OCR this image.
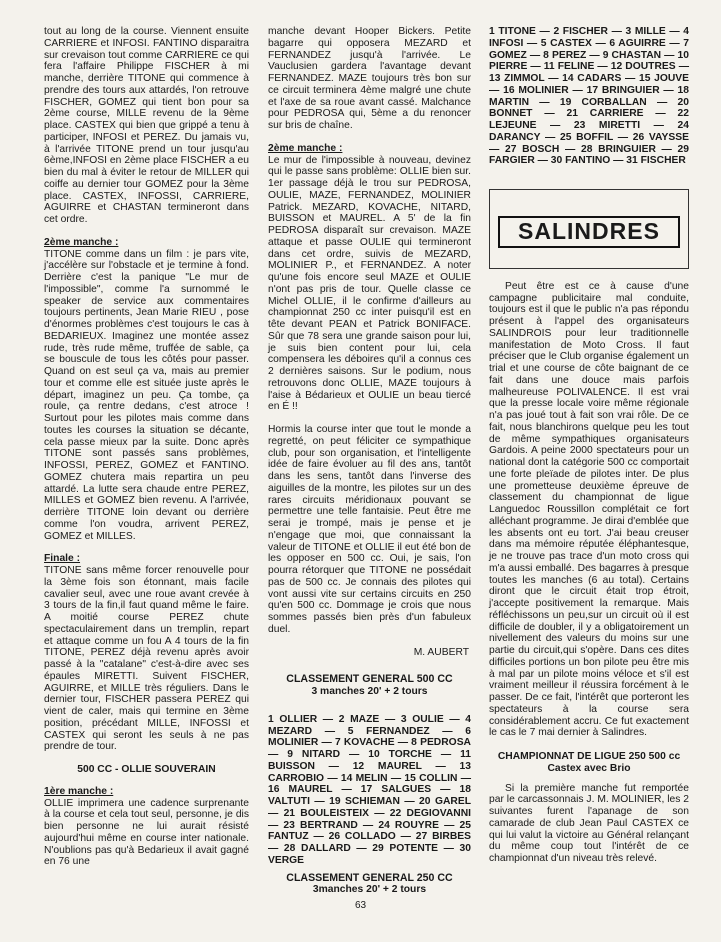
tout au long de la course. Viennent ensuite CARRIERE et INFOSI. FANTINO disparaitra sur crevaison tout comme CARRIERE ce qui fera l'affaire Philippe FISCHER à mi manche, derrière TITONE qui commence à prendre des tours aux attardés, l'on retrouve FISCHER, GOMEZ qui tient bon pour sa 2ème course, MILLE revenu de la 9ème place. CASTEX qui bien que grippé a tenu à participer, INFOSI et PEREZ. Du jamais vu, à l'arrivée TITONE prend un tour jusqu'au 6ème,INFOSI en 2ème place FISCHER a eu bien du mal à éviter le retour de MILLER qui coiffe au dernier tour GOMEZ pour la 3ème place. CASTEX, INFOSSI, CARRIERE, AGUIRRE et CHASTAN termineront dans cet ordre.

2ème manche :

TITONE comme dans un film : je pars vite, j'accélère sur l'obstacle et je termine à fond. Derrière c'est la panique "Le mur de l'impossible", comme l'a surnommé le speaker de service aux commentaires toujours pertinents, Jean Marie RIEU , pose d'énormes problèmes c'est toujours le cas à BEDARIEUX. Imaginez une montée assez rude, très rude même, truffée de sable, ça se bouscule de tous les côtés pour passer. Quand on est seul ça va, mais au premier tour et comme elle est située juste après le départ, imaginez un peu. Ça tombe, ça roule, ça rentre dedans, c'est atroce ! Surtout pour les pilotes mais comme dans toutes les courses la situation se décante, cela passe mieux par la suite. Donc après TITONE sont passés sans problèmes, INFOSSI, PEREZ, GOMEZ et FANTINO. GOMEZ chutera mais repartira un peu attardé. La lutte sera chaude entre PEREZ, MILLES et GOMEZ bien revenu. A l'arrivée, derrière TITONE loin devant ou derrière comme l'on voudra, arrivent PEREZ, GOMEZ et MILLES.

Finale :

TITONE sans même forcer renouvelle pour la 3ème fois son étonnant, mais facile cavalier seul, avec une roue avant crevée à 3 tours de la fin,il faut quand même le faire. A moitié course PEREZ chute spectaculairement dans un tremplin, repart et attaque comme un fou A 4 tours de la fin TITONE, PEREZ déjà revenu après avoir passé à la "catalane" c'est-à-dire avec ses épaules MIRETTI. Suivent FISCHER, AGUIRRE, et MILLE très réguliers. Dans le dernier tour, FISCHER passera PEREZ qui vient de caler, mais qui termine en 3ème position, précédant MILLE, INFOSSI et CASTEX qui seront les seuls à ne pas prendre de tour.

500 CC - OLLIE SOUVERAIN
1ère manche :

OLLIE imprimera une cadence surprenante à la course et cela tout seul, personne, je dis bien personne ne lui aurait résisté aujourd'hui même en course inter nationale. N'oublions pas qu'à Bedarieux il avait gagné en 76 une

manche devant Hooper Bickers. Petite bagarre qui opposera MEZARD et FERNANDEZ jusqu'à l'arrivée. Le Vauclusien gardera l'avantage devant FERNANDEZ. MAZE toujours très bon sur ce circuit terminera 4ème malgré une chute et l'axe de sa roue avant cassé. Malchance pour PEDROSA qui, 5ème a du renoncer sur bris de chaîne.

2ème manche :

Le mur de l'impossible à nouveau, devinez qui le passe sans problème: OLLIE bien sur. 1er passage déjà le trou sur PEDROSA, OULIE, MAZE, FERNANDEZ, MOLINIER Patrick. MEZARD, KOVACHE, NITARD, BUISSON et MAUREL. A 5' de la fin PEDROSA disparaît sur crevaison. MAZE attaque et passe OULIE qui termineront dans cet ordre, suivis de MEZARD, MOLINIER P., et FERNANDEZ. A noter qu'une fois encore seul MAZE et OULIE n'ont pas pris de tour. Quelle classe ce Michel OLLIE, il le confirme d'ailleurs au championnat 250 cc inter puisqu'il est en tête devant PEAN et Patrick BONIFACE. Sûr que 78 sera une grande saison pour lui, je suis bien content pour lui, cela compensera les déboires qu'il a connus ces 2 dernières saisons. Sur le podium, nous retrouvons donc OLLIE, MAZE toujours à l'aise à Bédarieux et OULIE un beau tiercé en É !!

Hormis la course inter que tout le monde a regretté, on peut féliciter ce sympathique club, pour son organisation, et l'intelligente idée de faire évoluer au fil des ans, tantôt dans les sens, tantôt dans l'inverse des aiguilles de la montre, les pilotes sur un des rares circuits méridionaux pouvant se permettre une telle fantaisie. Peut être me serai je trompé, mais je pense et je n'engage que moi, que connaissant la valeur de TITONE et OLLIE il eut été bon de les opposer en 500 cc. Oui, je sais, l'on pourra rétorquer que TITONE ne possédait pas de 500 cc. Je connais des pilotes qui vont aussi vite sur certains circuits en 250 qu'en 500 cc. Dommage je crois que nous sommes passés bien près d'un fabuleux duel.

M. AUBERT
CLASSEMENT GENERAL 500 CC
3 manches 20' + 2 tours
1 OLLIER — 2 MAZE — 3 OULIE — 4 MEZARD — 5 FERNANDEZ — 6 MOLINIER — 7 KOVACHE — 8 PEDROSA — 9 NITARD — 10 TORCHE — 11 BUISSON — 12 MAUREL — 13 CARROBIO — 14 MELIN — 15 COLLIN — 16 MAUREL — 17 SALGUES — 18 VALTUTI — 19 SCHIEMAN — 20 GAREL — 21 BOULEISTEIX — 22 DEGIOVANNI — 23 BERTRAND — 24 ROUYRE — 25 FANTUZ — 26 COLLADO — 27 BIRBES — 28 DALLARD — 29 POTENTE — 30 VERGE
CLASSEMENT GENERAL 250 CC
3manches 20' + 2 tours
1 TITONE — 2 FISCHER — 3 MILLE — 4 INFOSI — 5 CASTEX — 6 AGUIRRE — 7 GOMEZ — 8 PEREZ — 9 CHASTAN — 10 PIERRE — 11 FELINE — 12 DOUTRES — 13 ZIMMOL — 14 CADARS — 15 JOUVE — 16 MOLINIER — 17 BRINGUIER — 18 MARTIN — 19 CORBALLAN — 20 BONNET — 21 CARRIERE — 22 LEJEUNE — 23 MIRETTI — 24 DARANCY — 25 BOFFIL — 26 VAYSSE — 27 BOSCH — 28 BRINGUIER — 29 FARGIER — 30 FANTINO — 31 FISCHER
SALINDRES

Peut être est ce à cause d'une campagne publicitaire mal conduite, toujours est il que le public n'a pas répondu présent à l'appel des organisateurs SALINDROIS pour leur traditionnelle manifestation de Moto Cross. Il faut préciser que le Club organise également un trial et une course de côte baignant de ce fait dans une douce mais parfois malheureuse POLIVALENCE. Il est vrai que la presse locale voire même régionale n'a pas joué tout à fait son vrai rôle. De ce fait, nous blanchirons quelque peu les tout de même sympathiques organisateurs Gardois. A peine 2000 spectateurs pour un national dont la catégorie 500 cc comportait une forte pleïade de pilotes inter. De plus une prometteuse deuxième épreuve de classement du championnat de ligue Languedoc Roussillon complétait ce fort alléchant programme. Je dirai d'emblée que les absents ont eu tort. J'ai beau creuser dans ma mémoire réputée éléphantesque, je ne trouve pas trace d'un moto cross qui m'a aussi emballé. Des bagarres à presque toutes les manches (6 au total). Certains diront que le circuit était trop étroit, j'accepte positivement la remarque. Mais réfléchissons un peu,sur un circuit où il est difficile de doubler, il y a obligatoirement un nivellement des valeurs du moins sur une partie du circuit,qui s'opère. Dans ces dites difficiles portions un bon pilote peu être mis à mal par un pilote moins véloce et s'il est vraiment meilleur il réussira forcément à le passer. De ce fait, l'intérêt que porteront les spectateurs à la course sera considérablement accru. Ce fut exactement le cas le 7 mai dernier à Salindres.

CHAMPIONNAT DE LIGUE 250 500 cc
Castex avec Brio

Si la première manche fut remportée par le carcassonnais J. M. MOLINIER, les 2 suivantes furent l'apanage de son camarade de club Jean Paul CASTEX ce qui lui valut la victoire au Général relançant du même coup tout l'intérêt de ce championnat d'un niveau très relevé.

63
